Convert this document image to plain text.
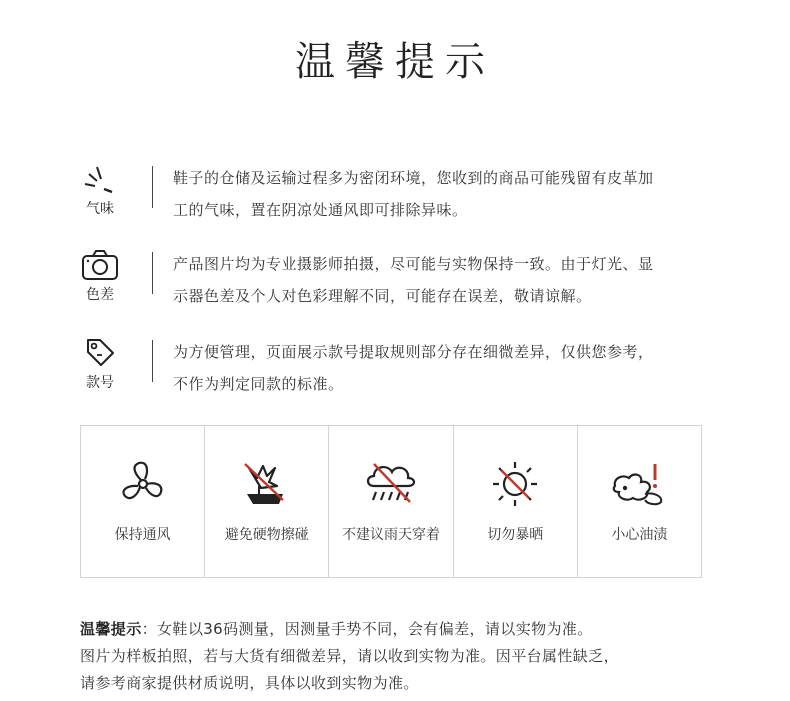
温馨提示
气味
鞋子的仓储及运输过程多为密闭环境，您收到的商品可能残留有皮革加
工的气味，置在阴凉处通风即可排除异味。
色差
产品图片均为专业摄影师拍摄，尽可能与实物保持一致。由于灯光、显
示器色差及个人对色彩理解不同，可能存在误差，敬请谅解。
款号
为方便管理，页面展示款号提取规则部分存在细微差异，仅供您参考，
不作为判定同款的标准。
保持通风	避免硬物擦碰	不建议雨天穿着	切勿暴晒	小心油渍
温馨提示：女鞋以36码测量，因测量手势不同，会有偏差，请以实物为准。
图片为样板拍照，若与大货有细微差异，请以收到实物为准。因平台属性缺乏，
请参考商家提供材质说明，具体以收到实物为准。
